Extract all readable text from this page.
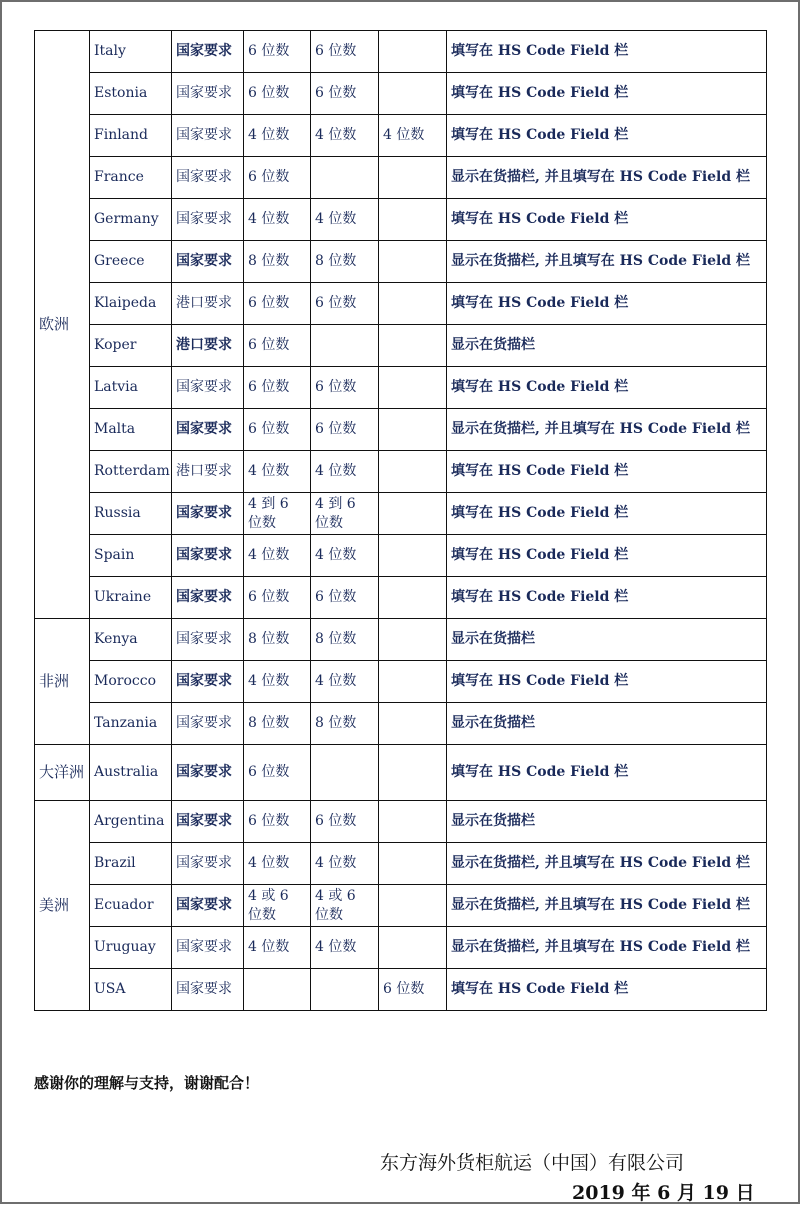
欧洲	Italy	国家要求	6 位数	6 位数		填写在 HS Code Field 栏
	Estonia	国家要求	6 位数	6 位数		填写在 HS Code Field 栏
	Finland	国家要求	4 位数	4 位数	4 位数	填写在 HS Code Field 栏
	France	国家要求	6 位数			显示在货描栏, 并且填写在 HS Code Field 栏
	Germany	国家要求	4 位数	4 位数		填写在 HS Code Field 栏
	Greece	国家要求	8 位数	8 位数		显示在货描栏, 并且填写在 HS Code Field 栏
	Klaipeda	港口要求	6 位数	6 位数		填写在 HS Code Field 栏
	Koper	港口要求	6 位数			显示在货描栏
	Latvia	国家要求	6 位数	6 位数		填写在 HS Code Field 栏
	Malta	国家要求	6 位数	6 位数		显示在货描栏, 并且填写在 HS Code Field 栏
	Rotterdam	港口要求	4 位数	4 位数		填写在 HS Code Field 栏
	Russia	国家要求	4 到 6 位数	4 到 6 位数		填写在 HS Code Field 栏
	Spain	国家要求	4 位数	4 位数		填写在 HS Code Field 栏
	Ukraine	国家要求	6 位数	6 位数		填写在 HS Code Field 栏
非洲	Kenya	国家要求	8 位数	8 位数		显示在货描栏
	Morocco	国家要求	4 位数	4 位数		填写在 HS Code Field 栏
	Tanzania	国家要求	8 位数	8 位数		显示在货描栏
大洋洲	Australia	国家要求	6 位数			填写在 HS Code Field 栏
美洲	Argentina	国家要求	6 位数	6 位数		显示在货描栏
	Brazil	国家要求	4 位数	4 位数		显示在货描栏, 并且填写在 HS Code Field 栏
	Ecuador	国家要求	4 或 6 位数	4 或 6 位数		显示在货描栏, 并且填写在 HS Code Field 栏
	Uruguay	国家要求	4 位数	4 位数		显示在货描栏, 并且填写在 HS Code Field 栏
	USA	国家要求			6 位数	填写在 HS Code Field 栏
感谢你的理解与支持，谢谢配合！
东方海外货柜航运（中国）有限公司
2019 年 6 月 19 日
